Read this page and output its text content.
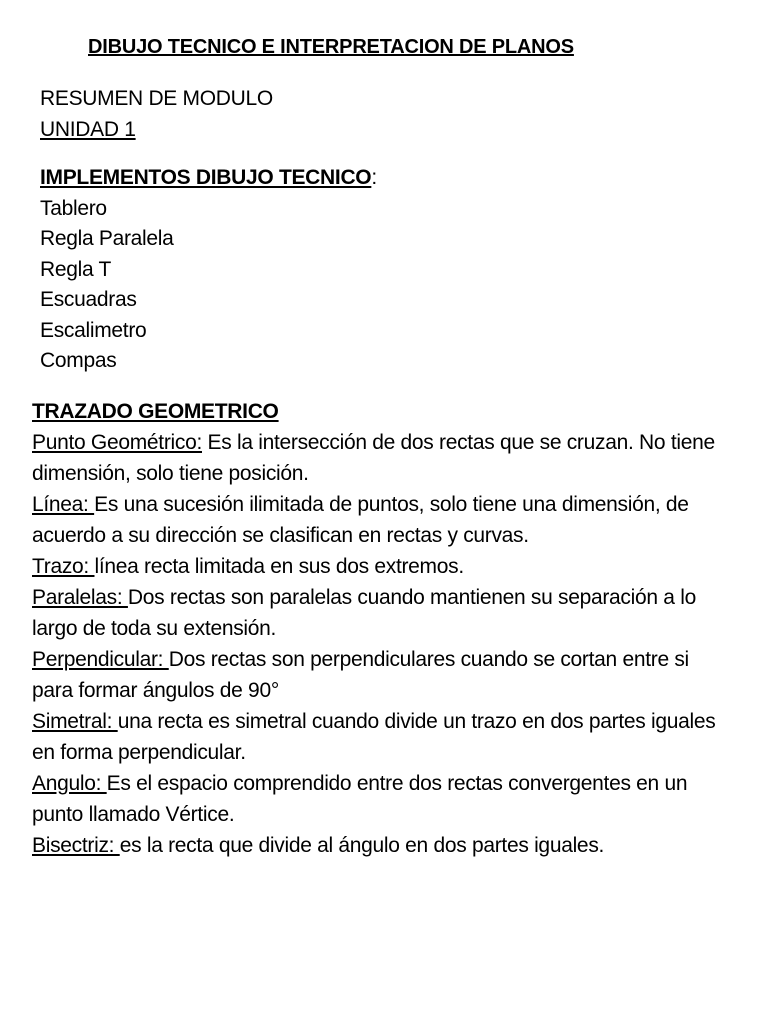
DIBUJO TECNICO E INTERPRETACION DE PLANOS
RESUMEN DE MODULO
UNIDAD 1
IMPLEMENTOS DIBUJO TECNICO:
Tablero
Regla Paralela
Regla T
Escuadras
Escalimetro
Compas
TRAZADO GEOMETRICO
Punto Geométrico: Es la intersección de dos rectas que se cruzan. No tiene dimensión, solo tiene posición.
Línea: Es una sucesión ilimitada de puntos, solo tiene una dimensión, de acuerdo a su dirección se clasifican en rectas y curvas.
Trazo: línea recta limitada en sus dos extremos.
Paralelas: Dos rectas son paralelas cuando mantienen su separación a lo largo de toda su extensión.
Perpendicular: Dos rectas son perpendiculares cuando se cortan entre si para formar ángulos de 90°
Simetral: una recta es simetral cuando divide un trazo en dos partes iguales en forma perpendicular.
Angulo: Es el espacio comprendido entre dos rectas convergentes en un punto llamado Vértice.
Bisectriz: es la recta que divide al ángulo en dos partes iguales.
